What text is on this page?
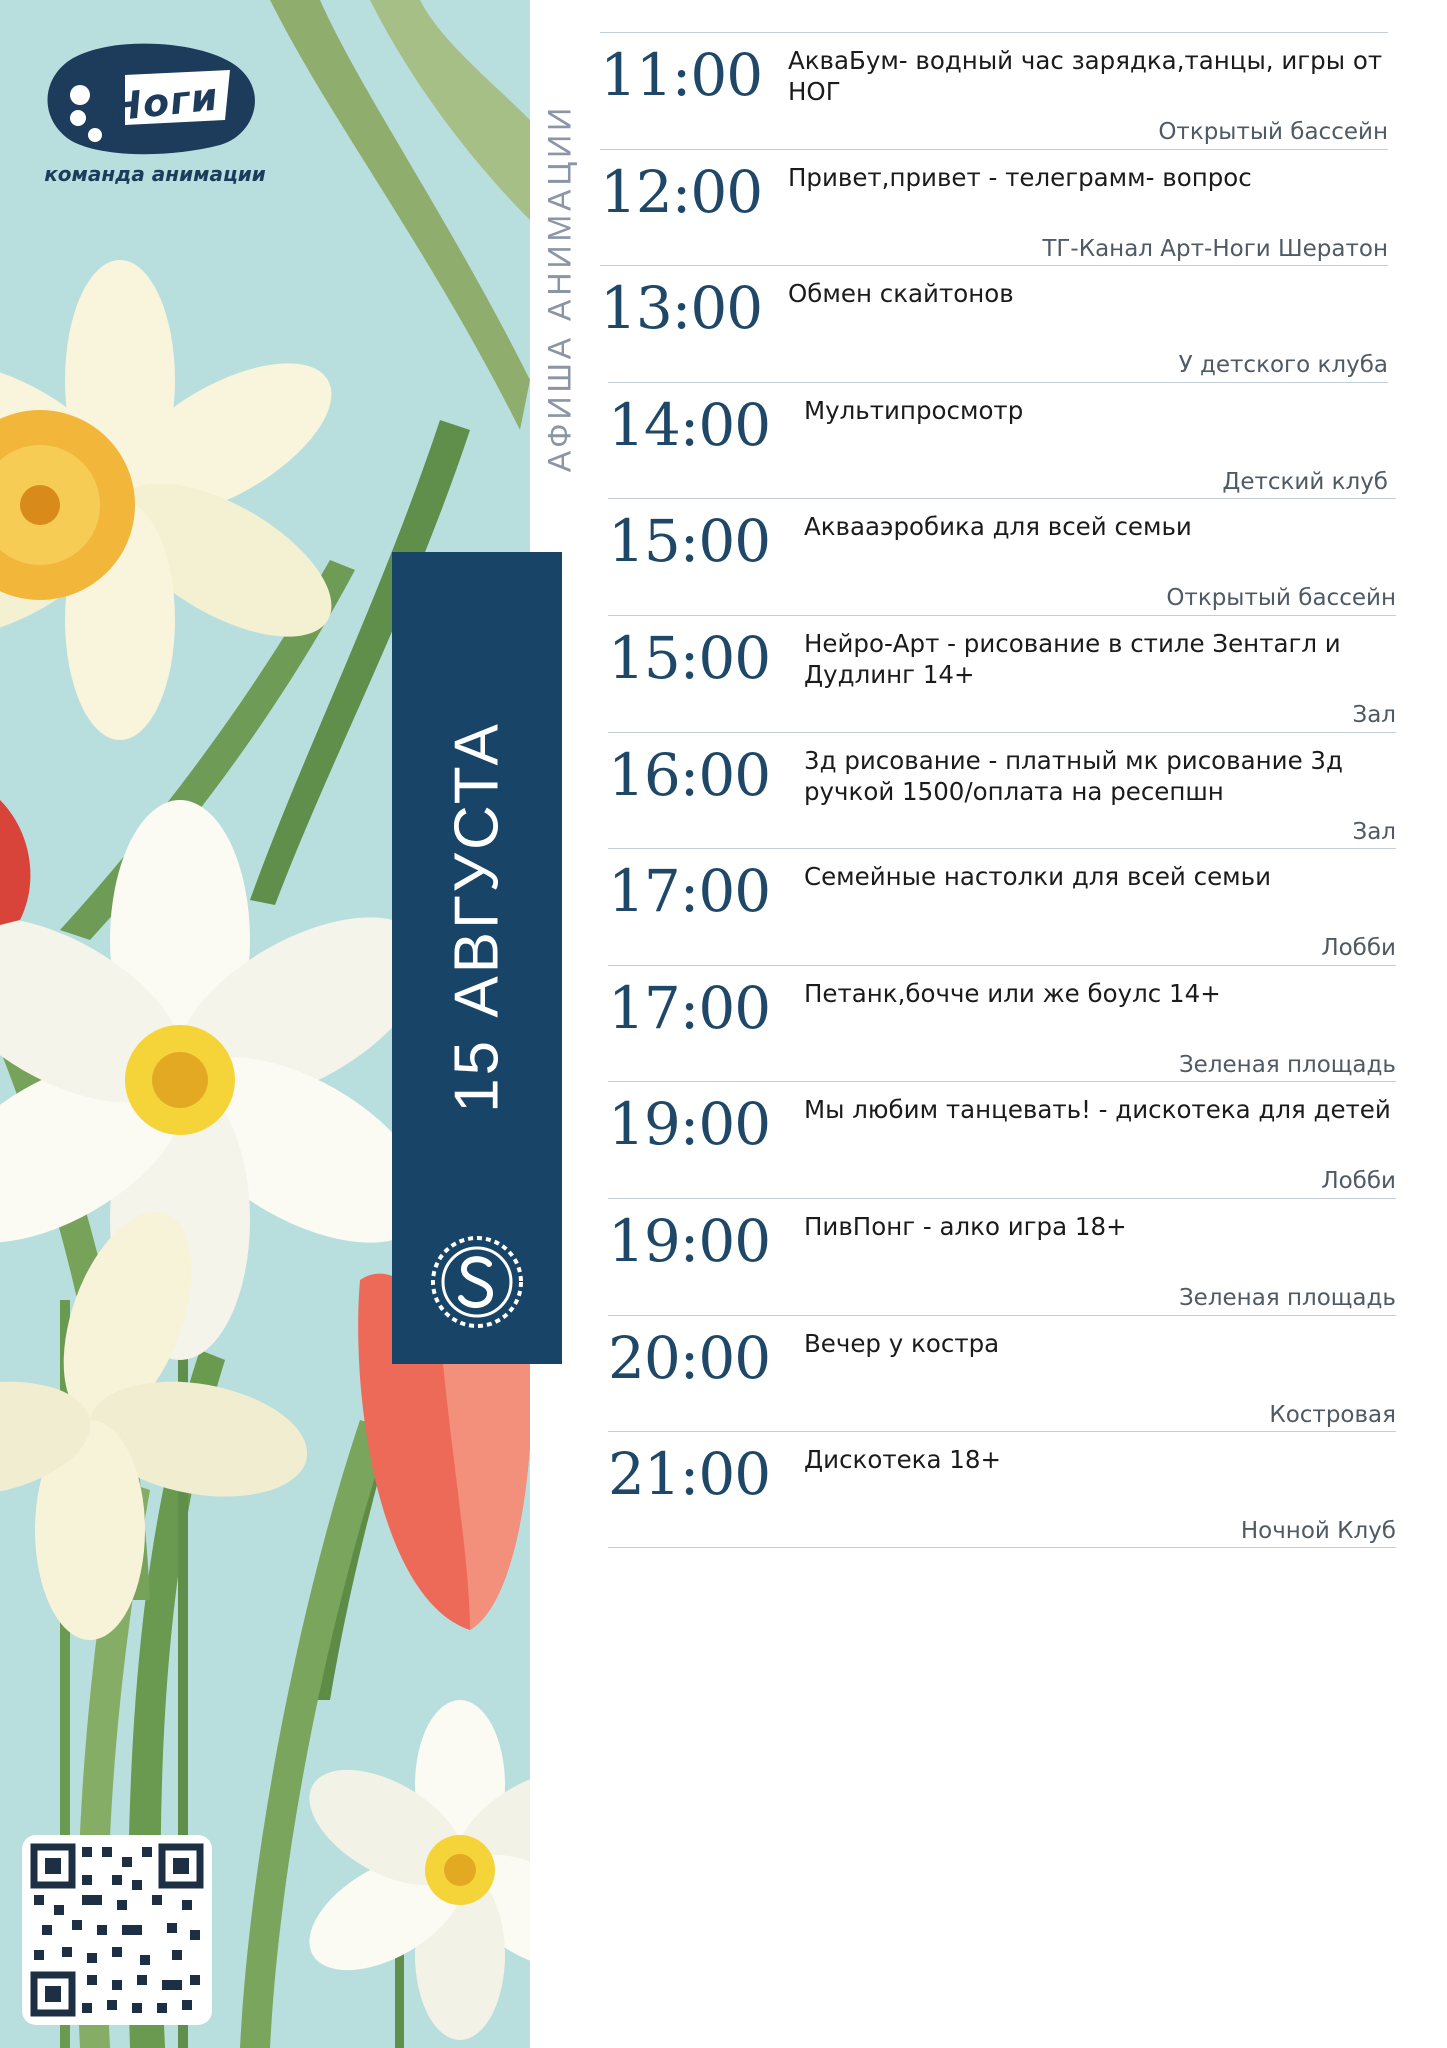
Ноги
команда анимации	АФИША АНИМАЦИИ
15 АВГУСТА
11:00 АкваБум- водный час зарядка,танцы, игры от НОГ
Открытый бассейн
12:00 Привет,привет - телеграмм- вопрос
ТГ-Канал Арт-Ноги Шератон
13:00 Обмен скайтонов
У детского клуба
14:00 Мультипросмотр
Детский клуб
15:00 Аквааэробика для всей семьи
Открытый бассейн
15:00 Нейро-Арт - рисование в стиле Зентагл и Дудлинг 14+
Зал
16:00 3д рисование - платный мк рисование 3д ручкой 1500/оплата на ресепшн
Зал
17:00 Семейные настолки для всей семьи
Лобби
17:00 Петанк,бочче или же боулс 14+
Зеленая площадь
19:00 Мы любим танцевать! - дискотека для детей
Лобби
19:00 ПивПонг - алко игра 18+
Зеленая площадь
20:00 Вечер у костра
Костровая
21:00 Дискотека 18+
Ночной Клуб
